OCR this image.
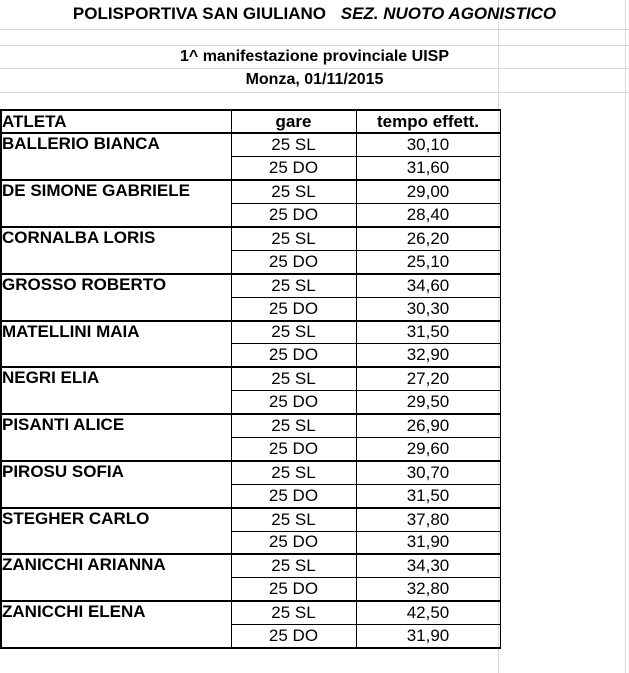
POLISPORTIVA SAN GIULIANO SEZ. NUOTO AGONISTICO
1^ manifestazione provinciale UISP
Monza, 01/11/2015
ATLETA	gare	tempo effett.
BALLERIO BIANCA	25 SL	30,10
	25 DO	31,60
DE SIMONE GABRIELE	25 SL	29,00
	25 DO	28,40
CORNALBA LORIS	25 SL	26,20
	25 DO	25,10
GROSSO ROBERTO	25 SL	34,60
	25 DO	30,30
MATELLINI MAIA	25 SL	31,50
	25 DO	32,90
NEGRI ELIA	25 SL	27,20
	25 DO	29,50
PISANTI ALICE	25 SL	26,90
	25 DO	29,60
PIROSU SOFIA	25 SL	30,70
	25 DO	31,50
STEGHER CARLO	25 SL	37,80
	25 DO	31,90
ZANICCHI ARIANNA	25 SL	34,30
	25 DO	32,80
ZANICCHI ELENA	25 SL	42,50
	25 DO	31,90
